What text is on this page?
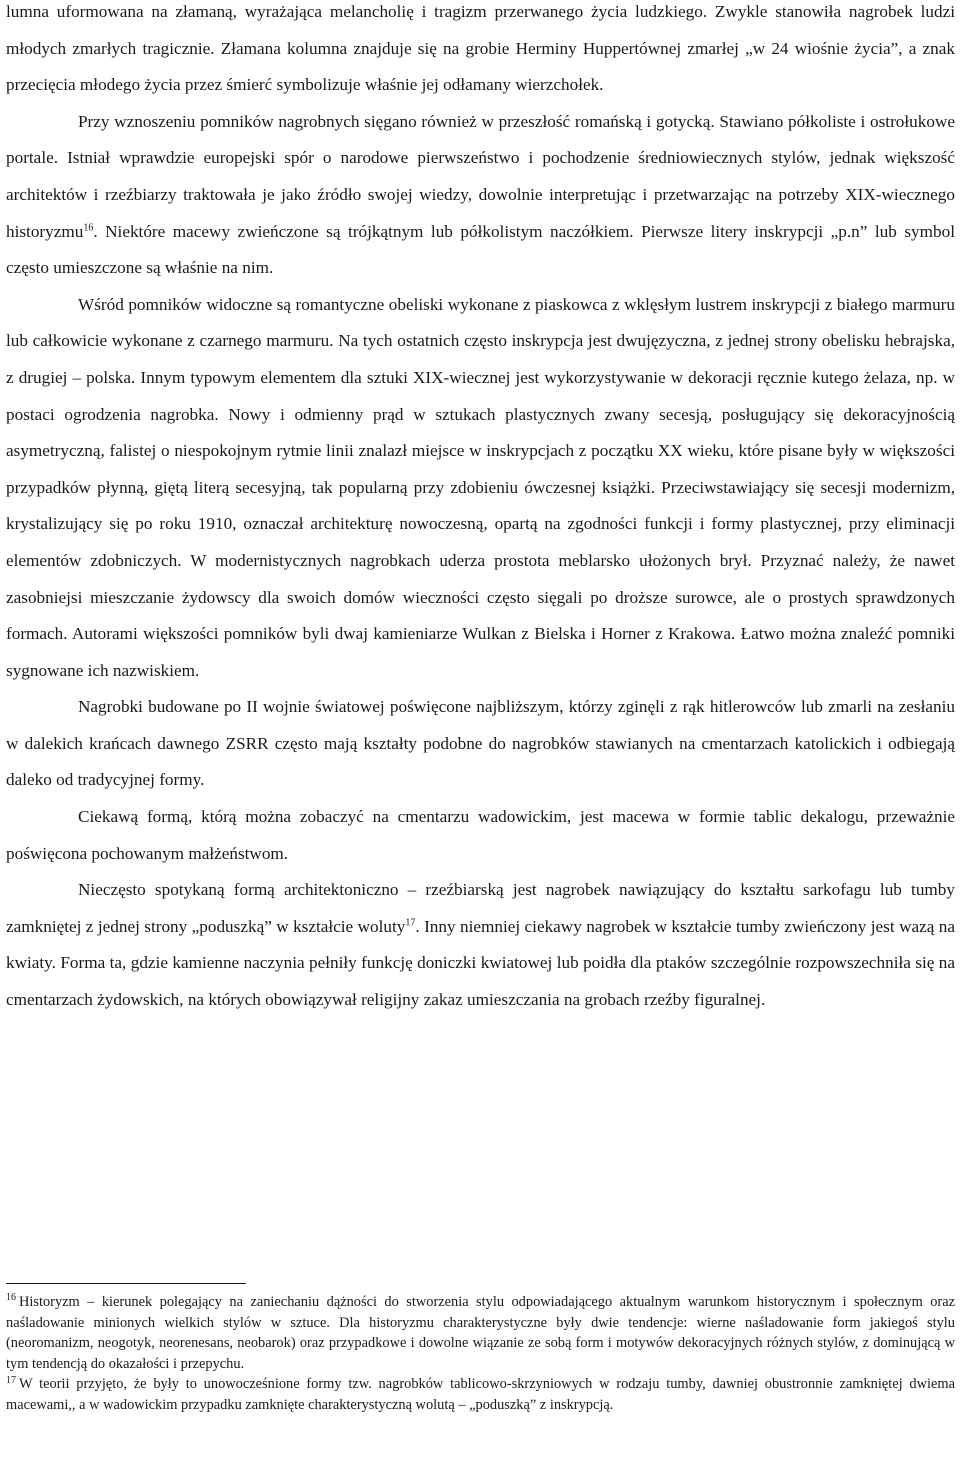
lumna uformowana na złamaną, wyrażająca melancholię i tragizm przerwanego życia ludzkiego. Zwykle stanowiła nagrobek ludzi młodych zmarłych tragicznie. Złamana kolumna znajduje się na grobie Herminy Huppertównej zmarłej „w 24 wiośnie życia”, a znak przecięcia młodego życia przez śmierć symbolizuje właśnie jej odłamany wierzchołek.

Przy wznoszeniu pomników nagrobnych sięgano również w przeszłość romańską i gotycką. Stawiano półkoliste i ostrołukowe portale. Istniał wprawdzie europejski spór o narodowe pierwszeństwo i pochodzenie średniowiecznych stylów, jednak większość architektów i rzeźbiarzy traktowała je jako źródło swojej wiedzy, dowolnie interpretując i przetwarzając na potrzeby XIX-wiecznego historyzmu$^{16}$. Niektóre macewy zwieńczone są trójkątnym lub półkolistym naczółkiem. Pierwsze litery inskrypcji „p.n” lub symbol często umieszczone są właśnie na nim.

Wśród pomników widoczne są romantyczne obeliski wykonane z piaskowca z wklęsłym lustrem inskrypcji z białego marmuru lub całkowicie wykonane z czarnego marmuru. Na tych ostatnich często inskrypcja jest dwujęzyczna, z jednej strony obelisku hebrajska, z drugiej – polska. Innym typowym elementem dla sztuki XIX-wiecznej jest wykorzystywanie w dekoracji ręcznie kutego żelaza, np. w postaci ogrodzenia nagrobka. Nowy i odmienny prąd w sztukach plastycznych zwany secesją, posługujący się dekoracyjnością asymetryczną, falistej o niespokojnym rytmie linii znalazł miejsce w inskrypcjach z początku XX wieku, które pisane były w większości przypadków płynną, giętą literą secesyjną, tak popularną przy zdobieniu ówczesnej książki. Przeciwstawiający się secesji modernizm, krystalizujący się po roku 1910, oznaczał architekturę nowoczesną, opartą na zgodności funkcji i formy plastycznej, przy eliminacji elementów zdobniczych. W modernistycznych nagrobkach uderza prostota meblarsko ułożonych brył. Przyznać należy, że nawet zasobniejsi mieszczanie żydowscy dla swoich domów wieczności często sięgali po droższe surowce, ale o prostych sprawdzonych formach. Autorami większości pomników byli dwaj kamieniarze Wulkan z Bielska i Horner z Krakowa. Łatwo można znaleźć pomniki sygnowane ich nazwiskiem.

Nagrobki budowane po II wojnie światowej poświęcone najbliższym, którzy zginęli z rąk hitlerowców lub zmarli na zesłaniu w dalekich krańcach dawnego ZSRR często mają kształty podobne do nagrobków stawianych na cmentarzach katolickich i odbiegają daleko od tradycyjnej formy.

Ciekawą formą, którą można zobaczyć na cmentarzu wadowickim, jest macewa w formie tablic dekalogu, przeważnie poświęcona pochowanym małżeństwom.

Nieczęsto spotykaną formą architektoniczno – rzeźbiarską jest nagrobek nawiązujący do kształtu sarkofagu lub tumby zamkniętej z jednej strony „poduszką” w kształcie woluty$^{17}$. Inny niemniej ciekawy nagrobek w kształcie tumby zwieńczony jest wazą na kwiaty. Forma ta, gdzie kamienne naczynia pełniły funkcję doniczki kwiatowej lub poidła dla ptaków szczególnie rozpowszechniła się na cmentarzach żydowskich, na których obowiązywał religijny zakaz umieszczania na grobach rzeźby figuralnej.

$^{16}$ Historyzm – kierunek polegający na zaniechaniu dążności do stworzenia stylu odpowiadającego aktualnym warunkom historycznym i społecznym oraz naśladowanie minionych wielkich stylów w sztuce. Dla historyzmu charakterystyczne były dwie tendencje: wierne naśladowanie form jakiegoś stylu (neoromanizm, neogotyk, neorenesans, neobarok) oraz przypadkowe i dowolne wiązanie ze sobą form i motywów dekoracyjnych różnych stylów, z dominującą w tym tendencją do okazałości i przepychu.

$^{17}$ W teorii przyjęto, że były to unowocześnione formy tzw. nagrobków tablicowo-skrzyniowych w rodzaju tumby, dawniej obustronnie zamkniętej dwiema macewami,, a w wadowickim przypadku zamknięte charakterystyczną wolutą – „poduszką” z inskrypcją.
